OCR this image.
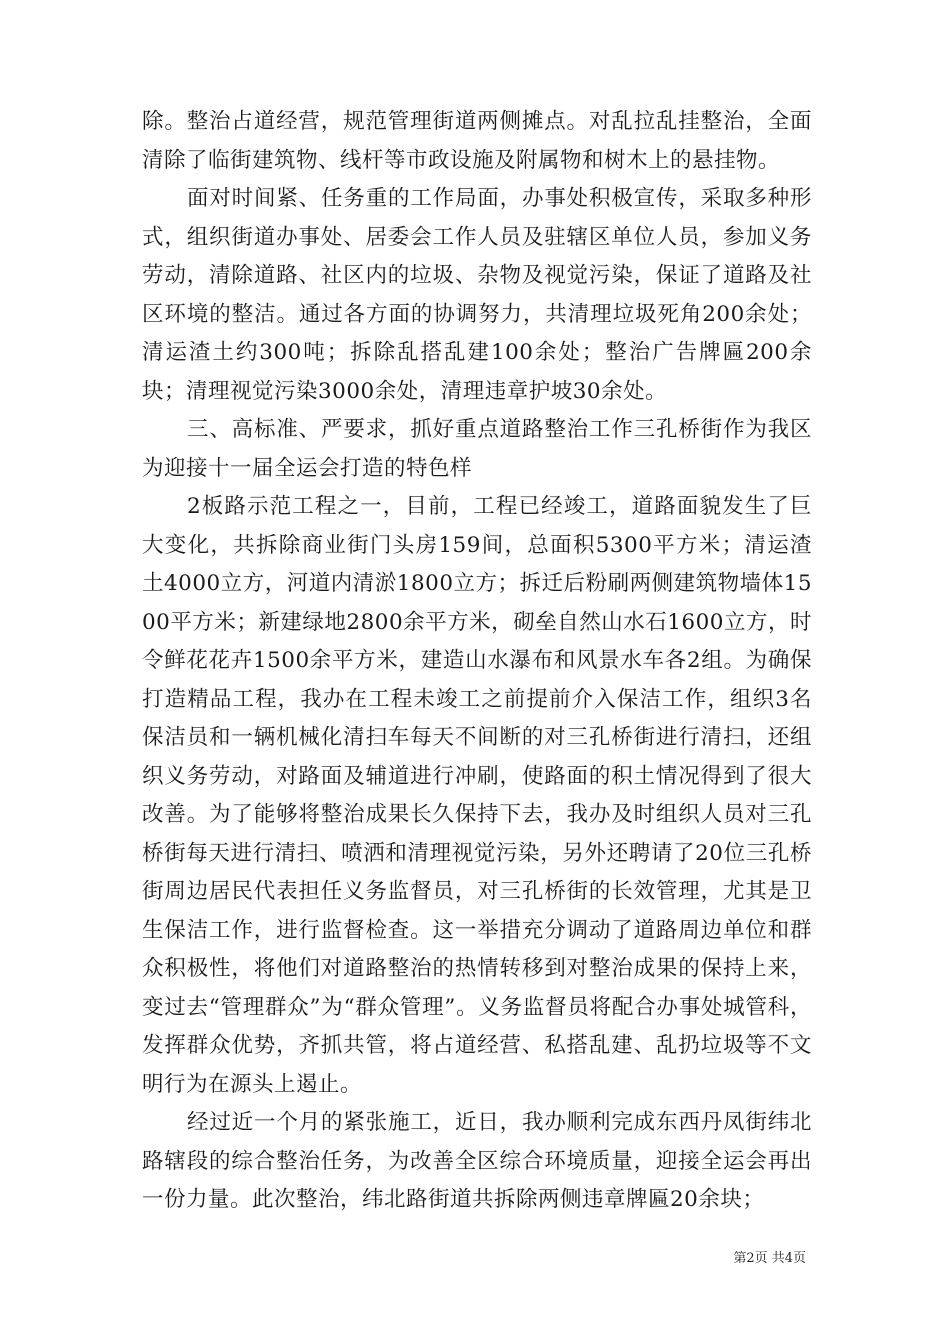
除。整治占道经营，规范管理街道两侧摊点。对乱拉乱挂整治，全面清除了临街建筑物、线杆等市政设施及附属物和树木上的悬挂物。

面对时间紧、任务重的工作局面，办事处积极宣传，采取多种形式，组织街道办事处、居委会工作人员及驻辖区单位人员，参加义务劳动，清除道路、社区内的垃圾、杂物及视觉污染，保证了道路及社区环境的整洁。通过各方面的协调努力，共清理垃圾死角200余处；清运渣土约300吨；拆除乱搭乱建100余处；整治广告牌匾200余块；清理视觉污染3000余处，清理违章护坡30余处。

三、高标准、严要求，抓好重点道路整治工作三孔桥街作为我区为迎接十一届全运会打造的特色样

2板路示范工程之一，目前，工程已经竣工，道路面貌发生了巨大变化，共拆除商业街门头房159间，总面积5300平方米；清运渣土4000立方，河道内清淤1800立方；拆迁后粉刷两侧建筑物墙体1500平方米；新建绿地2800余平方米，砌垒自然山水石1600立方，时令鲜花花卉1500余平方米，建造山水瀑布和风景水车各2组。为确保打造精品工程，我办在工程未竣工之前提前介入保洁工作，组织3名保洁员和一辆机械化清扫车每天不间断的对三孔桥街进行清扫，还组织义务劳动，对路面及辅道进行冲刷，使路面的积土情况得到了很大改善。为了能够将整治成果长久保持下去，我办及时组织人员对三孔桥街每天进行清扫、喷洒和清理视觉污染，另外还聘请了20位三孔桥街周边居民代表担任义务监督员，对三孔桥街的长效管理，尤其是卫生保洁工作，进行监督检查。这一举措充分调动了道路周边单位和群众积极性，将他们对道路整治的热情转移到对整治成果的保持上来，变过去“管理群众”为“群众管理”。义务监督员将配合办事处城管科，发挥群众优势，齐抓共管，将占道经营、私搭乱建、乱扔垃圾等不文明行为在源头上遏止。

经过近一个月的紧张施工，近日，我办顺利完成东西丹凤街纬北路辖段的综合整治任务，为改善全区综合环境质量，迎接全运会再出一份力量。此次整治，纬北路街道共拆除两侧违章牌匾20余块；

第2页 共4页
